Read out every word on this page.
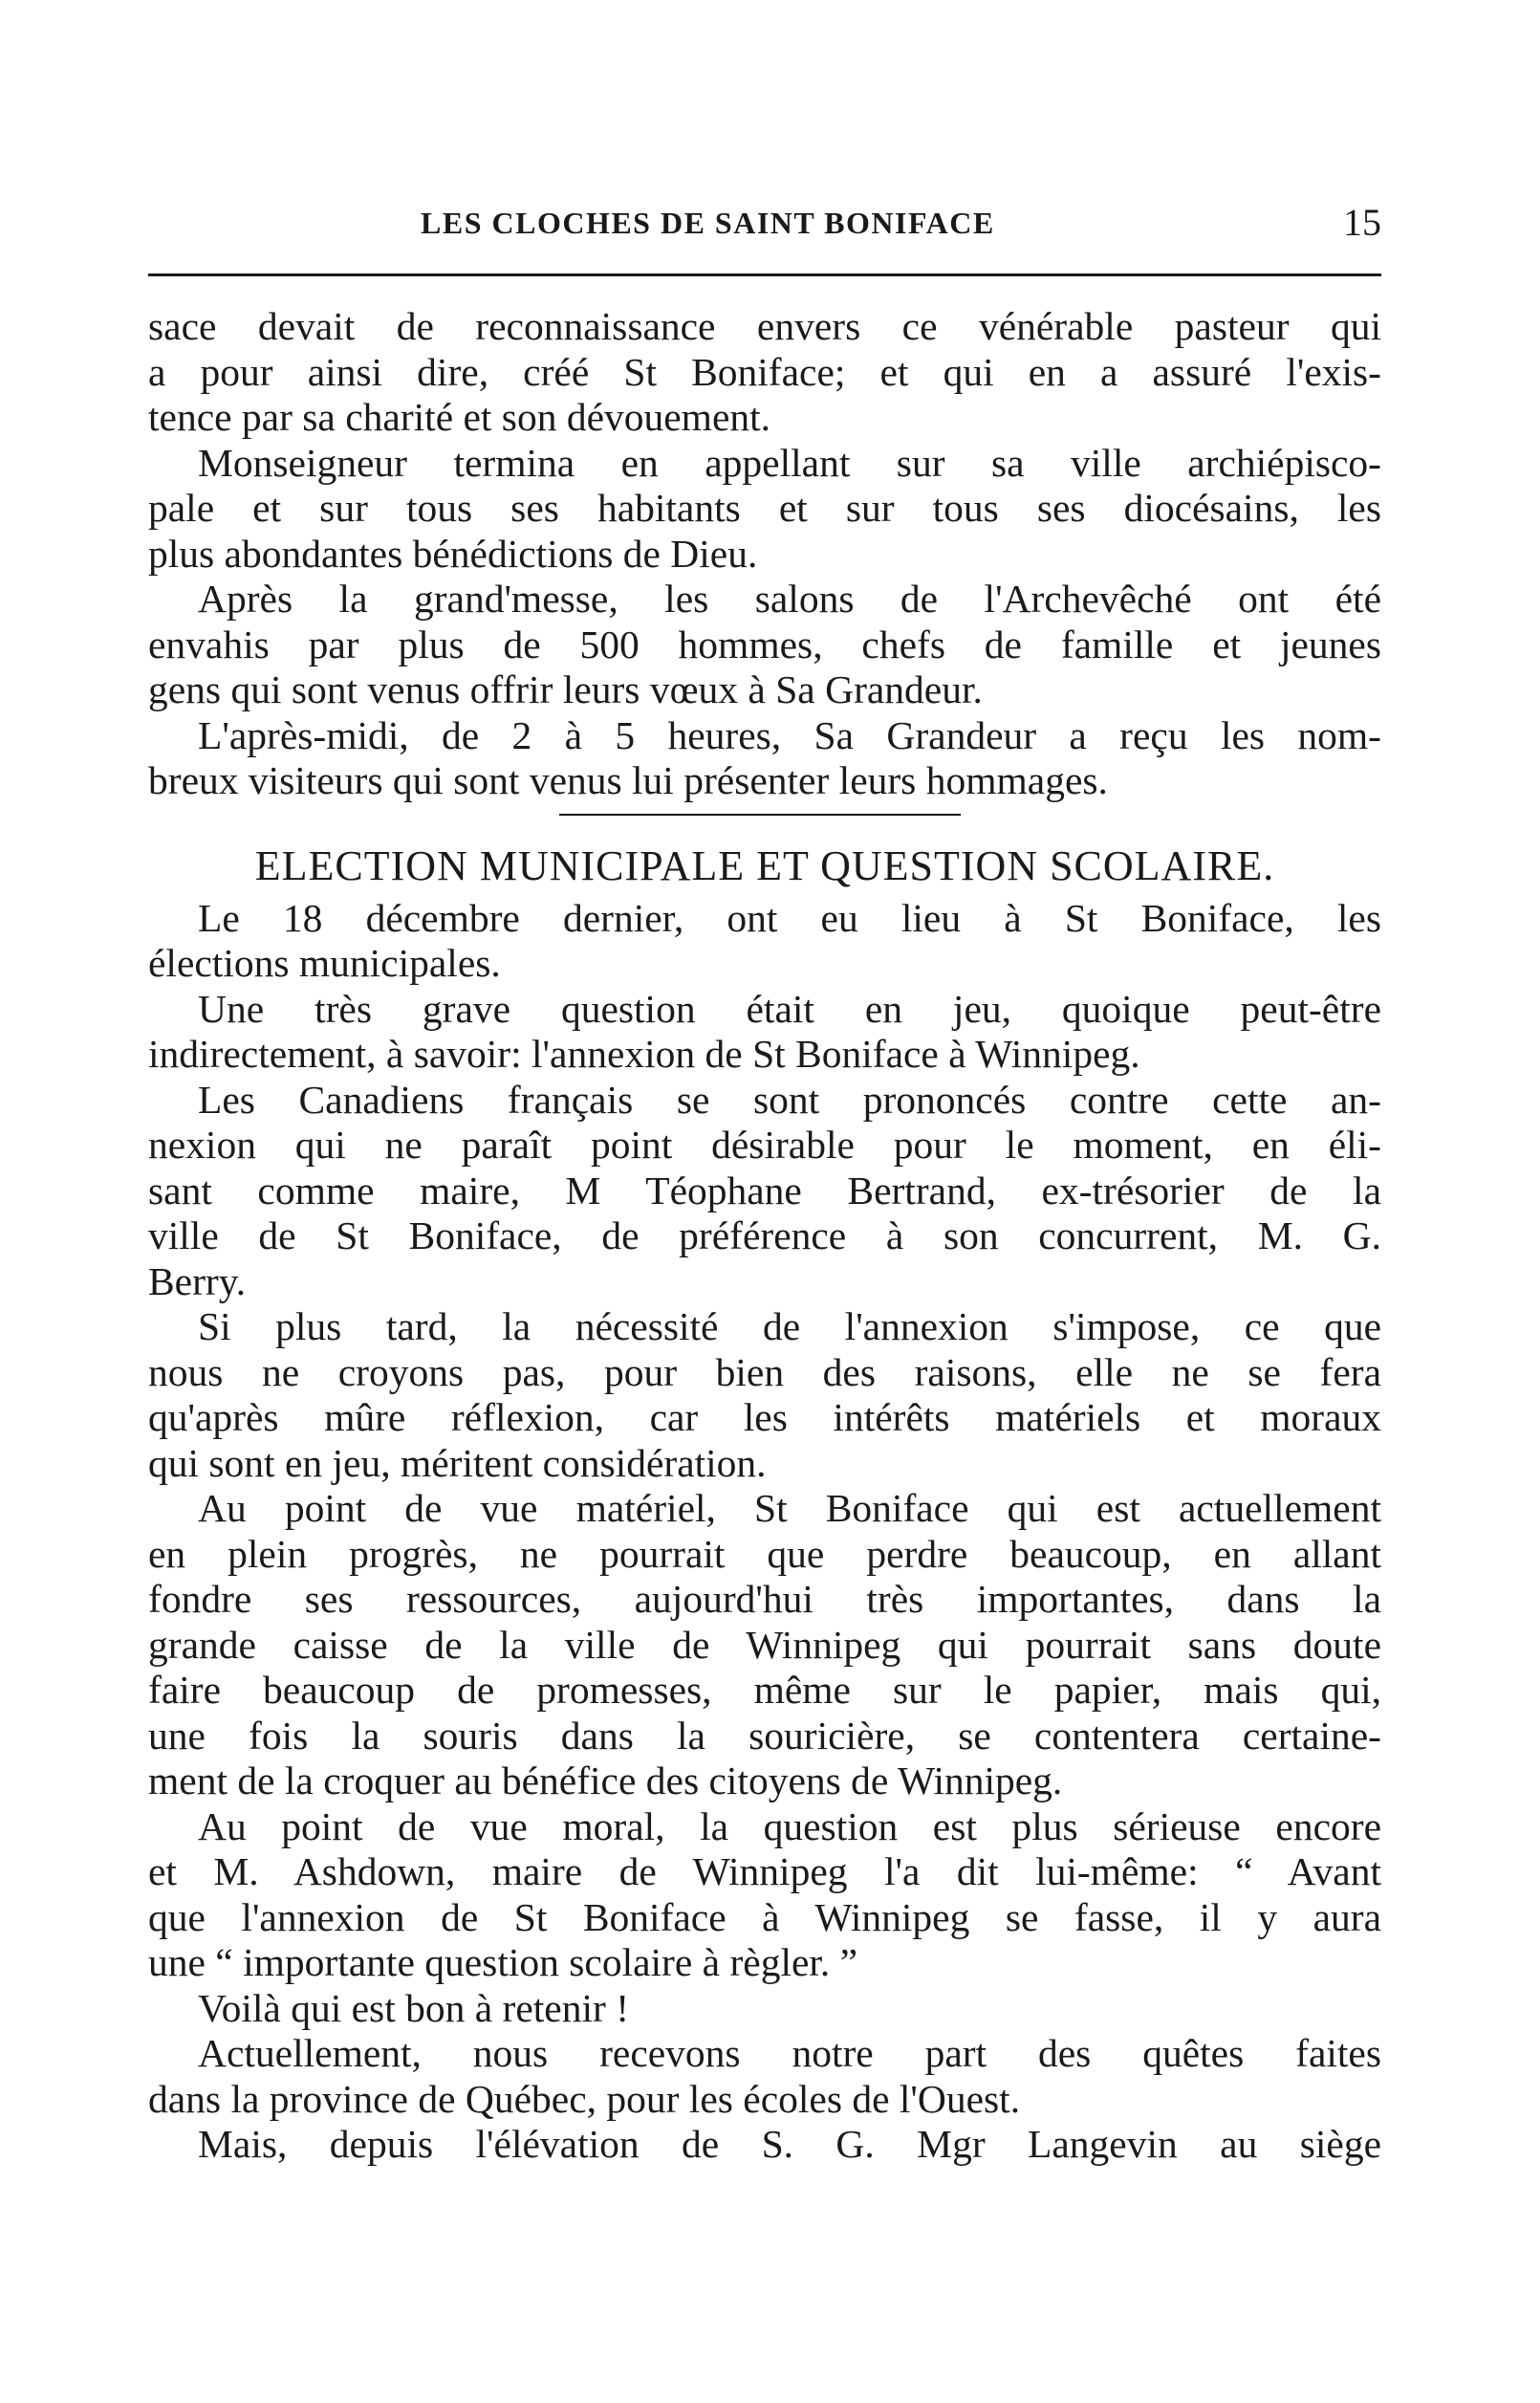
LES CLOCHES DE SAINT BONIFACE	15
sace devait de reconnaissance envers ce vénérable pasteur qui
a pour ainsi dire, créé St Boniface; et qui en a assuré l'exis-
tence par sa charité et son dévouement.
Monseigneur termina en appellant sur sa ville archiépisco-
pale et sur tous ses habitants et sur tous ses diocésains, les
plus abondantes bénédictions de Dieu.
Après la grand'messe, les salons de l'Archevêché ont été
envahis par plus de 500 hommes, chefs de famille et jeunes
gens qui sont venus offrir leurs vœux à Sa Grandeur.
L'après-midi, de 2 à 5 heures, Sa Grandeur a reçu les nom-
breux visiteurs qui sont venus lui présenter leurs hommages.
ELECTION MUNICIPALE ET QUESTION SCOLAIRE.
Le 18 décembre dernier, ont eu lieu à St Boniface, les
élections municipales.
Une très grave question était en jeu, quoique peut-être
indirectement, à savoir: l'annexion de St Boniface à Winnipeg.
Les Canadiens français se sont prononcés contre cette an-
nexion qui ne paraît point désirable pour le moment, en éli-
sant comme maire, M Téophane Bertrand, ex-trésorier de la
ville de St Boniface, de préférence à son concurrent, M. G.
Berry.
Si plus tard, la nécessité de l'annexion s'impose, ce que
nous ne croyons pas, pour bien des raisons, elle ne se fera
qu'après mûre réflexion, car les intérêts matériels et moraux
qui sont en jeu, méritent considération.
Au point de vue matériel, St Boniface qui est actuellement
en plein progrès, ne pourrait que perdre beaucoup, en allant
fondre ses ressources, aujourd'hui très importantes, dans la
grande caisse de la ville de Winnipeg qui pourrait sans doute
faire beaucoup de promesses, même sur le papier, mais qui,
une fois la souris dans la souricière, se contentera certaine-
ment de la croquer au bénéfice des citoyens de Winnipeg.
Au point de vue moral, la question est plus sérieuse encore
et M. Ashdown, maire de Winnipeg l'a dit lui-même: “ Avant
que l'annexion de St Boniface à Winnipeg se fasse, il y aura
une “ importante question scolaire à règler. ”
Voilà qui est bon à retenir !
Actuellement, nous recevons notre part des quêtes faites
dans la province de Québec, pour les écoles de l'Ouest.
Mais, depuis l'élévation de S. G. Mgr Langevin au siège
